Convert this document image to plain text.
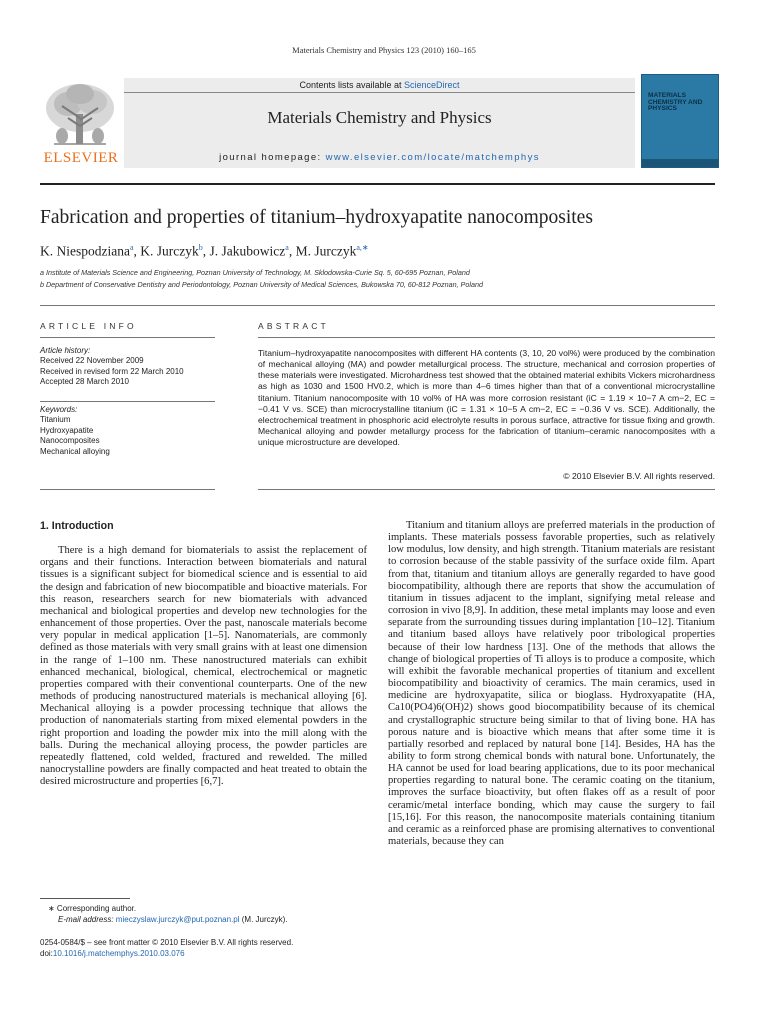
Materials Chemistry and Physics 123 (2010) 160–165
ELSEVIER
Contents lists available at ScienceDirect
Materials Chemistry and Physics
journal homepage: www.elsevier.com/locate/matchemphys
MATERIALS
CHEMISTRY AND
PHYSICS
Fabrication and properties of titanium–hydroxyapatite nanocomposites
K. Niespodziana$^a$, K. Jurczyk$^b$, J. Jakubowicz$^a$, M. Jurczyk$^{a,∗}$
a Institute of Materials Science and Engineering, Poznan University of Technology, M. Sklodowska-Curie Sq. 5, 60-695 Poznan, Poland
b Department of Conservative Dentistry and Periodontology, Poznan University of Medical Sciences, Bukowska 70, 60-812 Poznan, Poland
ARTICLE INFO	ABSTRACT
Article history:
Received 22 November 2009
Received in revised form 22 March 2010
Accepted 28 March 2010
Keywords:
Titanium
Hydroxyapatite
Nanocomposites
Mechanical alloying

Titanium–hydroxyapatite nanocomposites with different HA contents (3, 10, 20 vol%) were produced by the combination of mechanical alloying (MA) and powder metallurgical process. The structure, mechanical and corrosion properties of these materials were investigated. Microhardness test showed that the obtained material exhibits Vickers microhardness as high as 1030 and 1500 HV0.2, which is more than 4–6 times higher than that of a conventional microcrystalline titanium. Titanium nanocomposite with 10 vol% of HA was more corrosion resistant (iC = 1.19 × 10−7 A cm−2, EC = −0.41 V vs. SCE) than microcrystalline titanium (iC = 1.31 × 10−5 A cm−2, EC = −0.36 V vs. SCE). Additionally, the electrochemical treatment in phosphoric acid electrolyte results in porous surface, attractive for tissue fixing and growth. Mechanical alloying and powder metallurgy process for the fabrication of titanium–ceramic nanocomposites with a unique microstructure are developed.

© 2010 Elsevier B.V. All rights reserved.

1. Introduction

There is a high demand for biomaterials to assist the replacement of organs and their functions. Interaction between biomaterials and natural tissues is a significant subject for biomedical science and is essential to aid the design and fabrication of new biocompatible and bioactive materials. For this reason, researchers search for new biomaterials with advanced mechanical and biological properties and develop new technologies for the enhancement of those properties. Over the past, nanoscale materials become very popular in medical application [1–5]. Nanomaterials, are commonly defined as those materials with very small grains with at least one dimension in the range of 1–100 nm. These nanostructured materials can exhibit enhanced mechanical, biological, chemical, electrochemical or magnetic properties compared with their conventional counterparts. One of the new methods of producing nanostructured materials is mechanical alloying [6]. Mechanical alloying is a powder processing technique that allows the production of nanomaterials starting from mixed elemental powders in the right proportion and loading the powder mix into the mill along with the balls. During the mechanical alloying process, the powder particles are repeatedly flattened, cold welded, fractured and rewelded. The milled nanocrystalline powders are finally compacted and heat treated to obtain the desired microstructure and properties [6,7].

Titanium and titanium alloys are preferred materials in the production of implants. These materials possess favorable properties, such as relatively low modulus, low density, and high strength. Titanium materials are resistant to corrosion because of the stable passivity of the surface oxide film. Apart from that, titanium and titanium alloys are generally regarded to have good biocompatibility, although there are reports that show the accumulation of titanium in tissues adjacent to the implant, signifying metal release and corrosion in vivo [8,9]. In addition, these metal implants may loose and even separate from the surrounding tissues during implantation [10–12]. Titanium and titanium based alloys have relatively poor tribological properties because of their low hardness [13]. One of the methods that allows the change of biological properties of Ti alloys is to produce a composite, which will exhibit the favorable mechanical properties of titanium and excellent biocompatibility and bioactivity of ceramics. The main ceramics, used in medicine are hydroxyapatite, silica or bioglass. Hydroxyapatite (HA, Ca10(PO4)6(OH)2) shows good biocompatibility because of its chemical and crystallographic structure being similar to that of living bone. HA has porous nature and is bioactive which means that after some time it is partially resorbed and replaced by natural bone [14]. Besides, HA has the ability to form strong chemical bonds with natural bone. Unfortunately, the HA cannot be used for load bearing applications, due to its poor mechanical properties regarding to natural bone. The ceramic coating on the titanium, improves the surface bioactivity, but often flakes off as a result of poor ceramic/metal interface bonding, which may cause the surgery to fail [15,16]. For this reason, the nanocomposite materials containing titanium and ceramic as a reinforced phase are promising alternatives to conventional materials, because they can

∗ Corresponding author.
E-mail address: mieczyslaw.jurczyk@put.poznan.pl (M. Jurczyk).
0254-0584/$ – see front matter © 2010 Elsevier B.V. All rights reserved.
doi:10.1016/j.matchemphys.2010.03.076
